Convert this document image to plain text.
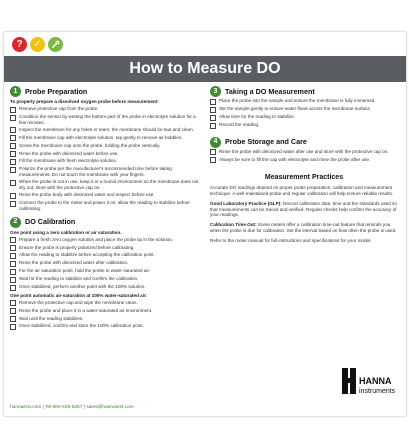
?	✓
How to Measure DO
1	Probe Preparation
To properly prepare a dissolved oxygen probe before measurement:
Remove protective cap from the probe.
Condition the sensor by wetting the bottom part of the probe in electrolyte solution for a few minutes.
Inspect the membrane for any holes or tears; the membrane should be taut and clean.
Fill the membrane cap with electrolyte solution, tap gently to remove air bubbles.
Screw the membrane cap onto the probe, holding the probe vertically.
Rinse the probe with deionized water before use.
Fill the membrane with fresh electrolyte solution.
Polarize the probe per the manufacturer's recommended time before taking measurements. Do not touch the membrane with your fingers.
When the probe is not in use, keep it in a humid environment so the membrane does not dry out; store with the protective cap on.
Rinse the probe body with deionized water and inspect before use.
Connect the probe to the meter and power it on; allow the reading to stabilize before calibrating.
2	DO Calibration
One point using a zero calibration or air saturation.
Prepare a fresh zero oxygen solution and place the probe tip in the solution.
Ensure the probe is properly polarized before calibrating.
Allow the reading to stabilize before accepting the calibration point.
Rinse the probe with deionized water after calibration.
For the air saturation point, hold the probe in water-saturated air.
Wait for the reading to stabilize and confirm the calibration.
Once stabilized, perform another point with the 100% solution.
One point automatic air-saturation at 100% water-saturated air:
Remove the protective cap and wipe the membrane clean.
Rinse the probe and place it in a water-saturated air environment.
Wait until the reading stabilizes.
Once stabilized, confirm and store the 100% calibration point.
3	Taking a DO Measurement
Place the probe into the sample and ensure the membrane is fully immersed.
Stir the sample gently to ensure water flows across the membrane surface.
Allow time for the reading to stabilize.
Record the reading.
4	Probe Storage and Care
Rinse the probe with deionized water after use and store with the protective cap on.
Always be sure to fill the cap with electrolyte and rinse the probe after use.
Measurement Practices
Accurate DO readings depend on proper probe preparation, calibration and measurement technique. A well-maintained probe and regular calibration will help ensure reliable results.
Good Laboratory Practice (GLP): Record calibration date, time and the standards used so that measurements can be traced and verified. Regular checks help confirm the accuracy of your readings.
Calibration Time Out: Some meters offer a calibration time-out feature that reminds you when the probe is due for calibration. Set the interval based on how often the probe is used.
Refer to the meter manual for full instructions and specifications for your model.
hannainst.com | Tel 800-426-6287 | sales@hannainst.com
HANNA
instruments
